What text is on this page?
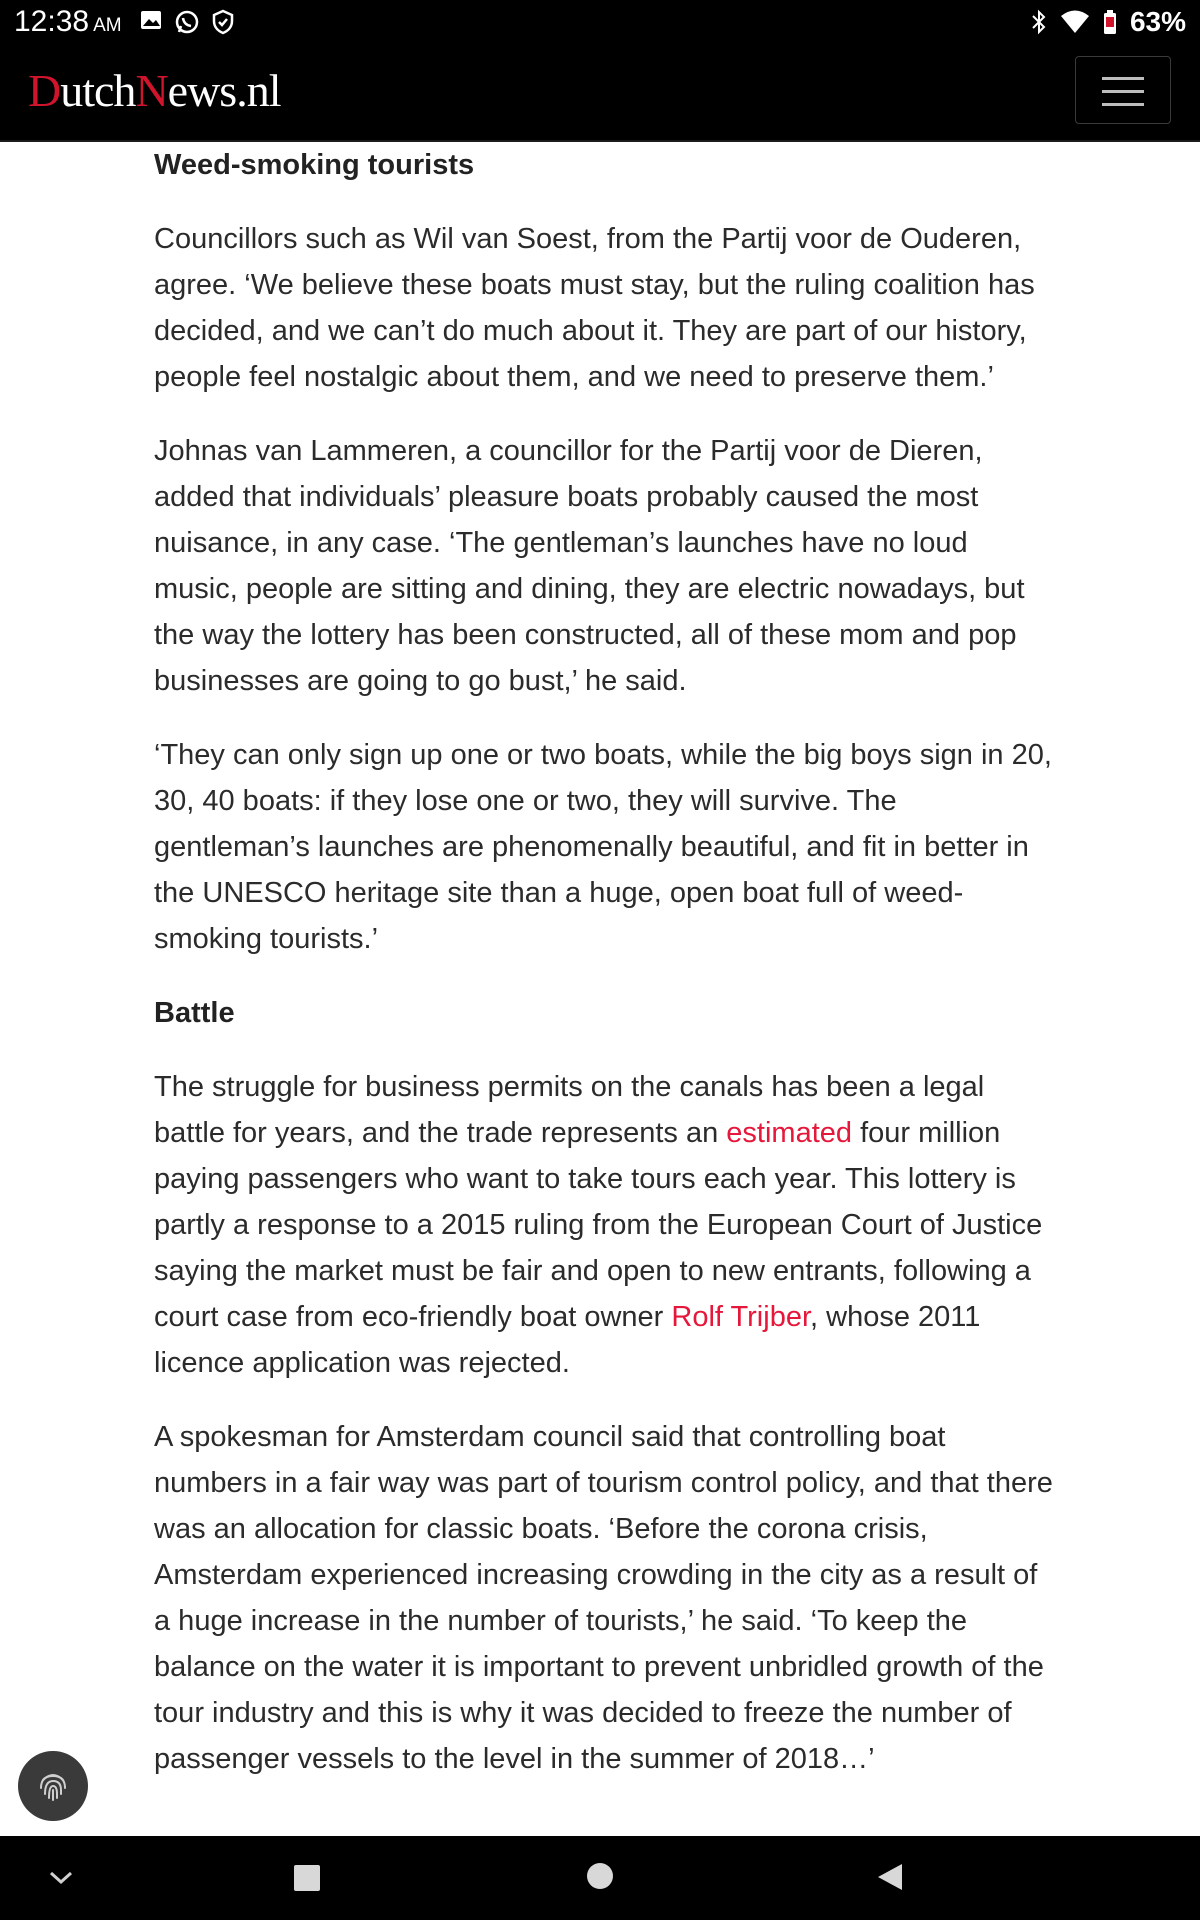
12:38 AM	63%
DutchNews.nl
Weed-smoking tourists

Councillors such as Wil van Soest, from the Partij voor de Ouderen, agree. ‘We believe these boats must stay, but the ruling coalition has decided, and we can’t do much about it. They are part of our history, people feel nostalgic about them, and we need to preserve them.’

Johnas van Lammeren, a councillor for the Partij voor de Dieren, added that individuals’ pleasure boats probably caused the most nuisance, in any case. ‘The gentleman’s launches have no loud music, people are sitting and dining, they are electric nowadays, but the way the lottery has been constructed, all of these mom and pop businesses are going to go bust,’ he said.

‘They can only sign up one or two boats, while the big boys sign in 20, 30, 40 boats: if they lose one or two, they will survive. The gentleman’s launches are phenomenally beautiful, and fit in better in the UNESCO heritage site than a huge, open boat full of weed-smoking tourists.’

Battle

The struggle for business permits on the canals has been a legal battle for years, and the trade represents an estimated four million paying passengers who want to take tours each year. This lottery is partly a response to a 2015 ruling from the European Court of Justice saying the market must be fair and open to new entrants, following a court case from eco-friendly boat owner Rolf Trijber, whose 2011 licence application was rejected.

A spokesman for Amsterdam council said that controlling boat numbers in a fair way was part of tourism control policy, and that there was an allocation for classic boats. ‘Before the corona crisis, Amsterdam experienced increasing crowding in the city as a result of a huge increase in the number of tourists,’ he said. ‘To keep the balance on the water it is important to prevent unbridled growth of the tour industry and this is why it was decided to freeze the number of passenger vessels to the level in the summer of 2018…’
